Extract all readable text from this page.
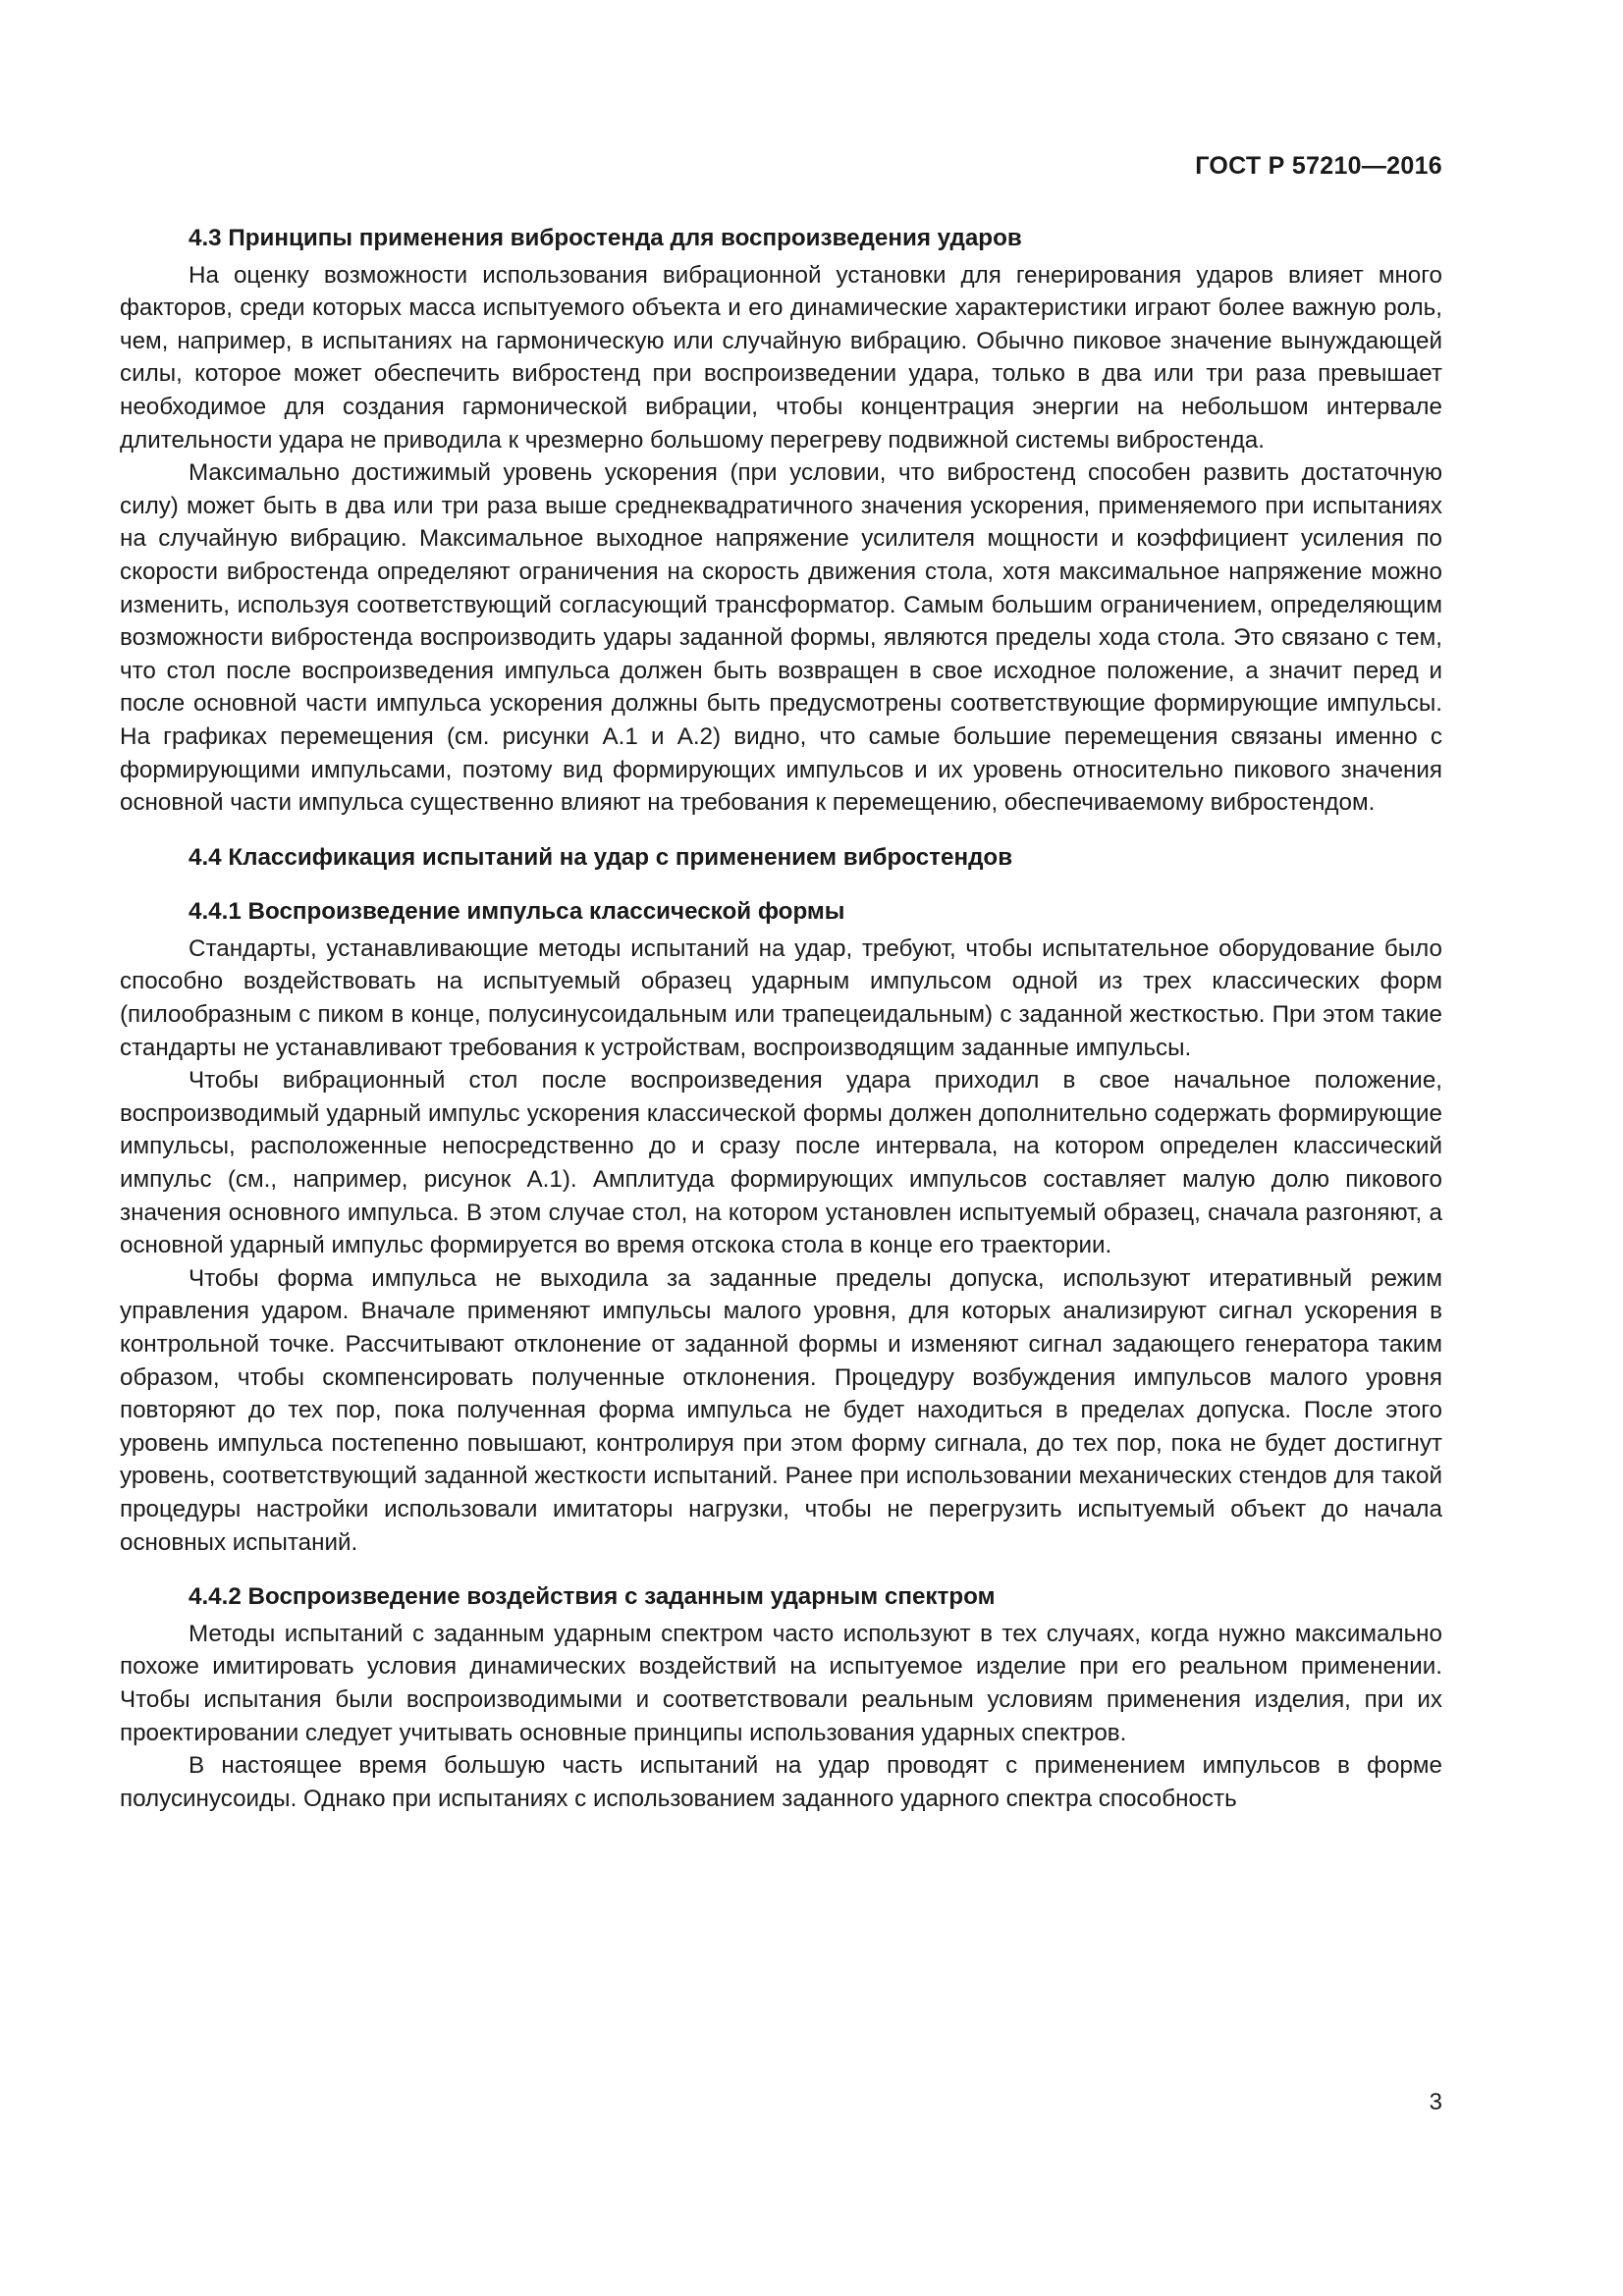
ГОСТ Р 57210—2016
4.3 Принципы применения вибростенда для воспроизведения ударов

На оценку возможности использования вибрационной установки для генерирования ударов влияет много факторов, среди которых масса испытуемого объекта и его динамические характеристики играют более важную роль, чем, например, в испытаниях на гармоническую или случайную вибрацию. Обычно пиковое значение вынуждающей силы, которое может обеспечить вибростенд при воспроизведении удара, только в два или три раза превышает необходимое для создания гармонической вибрации, чтобы концентрация энергии на небольшом интервале длительности удара не приводила к чрезмерно большому перегреву подвижной системы вибростенда.

Максимально достижимый уровень ускорения (при условии, что вибростенд способен развить достаточную силу) может быть в два или три раза выше среднеквадратичного значения ускорения, применяемого при испытаниях на случайную вибрацию. Максимальное выходное напряжение усилителя мощности и коэффициент усиления по скорости вибростенда определяют ограничения на скорость движения стола, хотя максимальное напряжение можно изменить, используя соответствующий согласующий трансформатор. Самым большим ограничением, определяющим возможности вибростенда воспроизводить удары заданной формы, являются пределы хода стола. Это связано с тем, что стол после воспроизведения импульса должен быть возвращен в свое исходное положение, а значит перед и после основной части импульса ускорения должны быть предусмотрены соответствующие формирующие импульсы. На графиках перемещения (см. рисунки А.1 и А.2) видно, что самые большие перемещения связаны именно с формирующими импульсами, поэтому вид формирующих импульсов и их уровень относительно пикового значения основной части импульса существенно влияют на требования к перемещению, обеспечиваемому вибростендом.

4.4 Классификация испытаний на удар с применением вибростендов
4.4.1 Воспроизведение импульса классической формы

Стандарты, устанавливающие методы испытаний на удар, требуют, чтобы испытательное оборудование было способно воздействовать на испытуемый образец ударным импульсом одной из трех классических форм (пилообразным с пиком в конце, полусинусоидальным или трапецеидальным) с заданной жесткостью. При этом такие стандарты не устанавливают требования к устройствам, воспроизводящим заданные импульсы.

Чтобы вибрационный стол после воспроизведения удара приходил в свое начальное положение, воспроизводимый ударный импульс ускорения классической формы должен дополнительно содержать формирующие импульсы, расположенные непосредственно до и сразу после интервала, на котором определен классический импульс (см., например, рисунок А.1). Амплитуда формирующих импульсов составляет малую долю пикового значения основного импульса. В этом случае стол, на котором установлен испытуемый образец, сначала разгоняют, а основной ударный импульс формируется во время отскока стола в конце его траектории.

Чтобы форма импульса не выходила за заданные пределы допуска, используют итеративный режим управления ударом. Вначале применяют импульсы малого уровня, для которых анализируют сигнал ускорения в контрольной точке. Рассчитывают отклонение от заданной формы и изменяют сигнал задающего генератора таким образом, чтобы скомпенсировать полученные отклонения. Процедуру возбуждения импульсов малого уровня повторяют до тех пор, пока полученная форма импульса не будет находиться в пределах допуска. После этого уровень импульса постепенно повышают, контролируя при этом форму сигнала, до тех пор, пока не будет достигнут уровень, соответствующий заданной жесткости испытаний. Ранее при использовании механических стендов для такой процедуры настройки использовали имитаторы нагрузки, чтобы не перегрузить испытуемый объект до начала основных испытаний.

4.4.2 Воспроизведение воздействия с заданным ударным спектром

Методы испытаний с заданным ударным спектром часто используют в тех случаях, когда нужно максимально похоже имитировать условия динамических воздействий на испытуемое изделие при его реальном применении. Чтобы испытания были воспроизводимыми и соответствовали реальным условиям применения изделия, при их проектировании следует учитывать основные принципы использования ударных спектров.

В настоящее время большую часть испытаний на удар проводят с применением импульсов в форме полусинусоиды. Однако при испытаниях с использованием заданного ударного спектра способность

3
